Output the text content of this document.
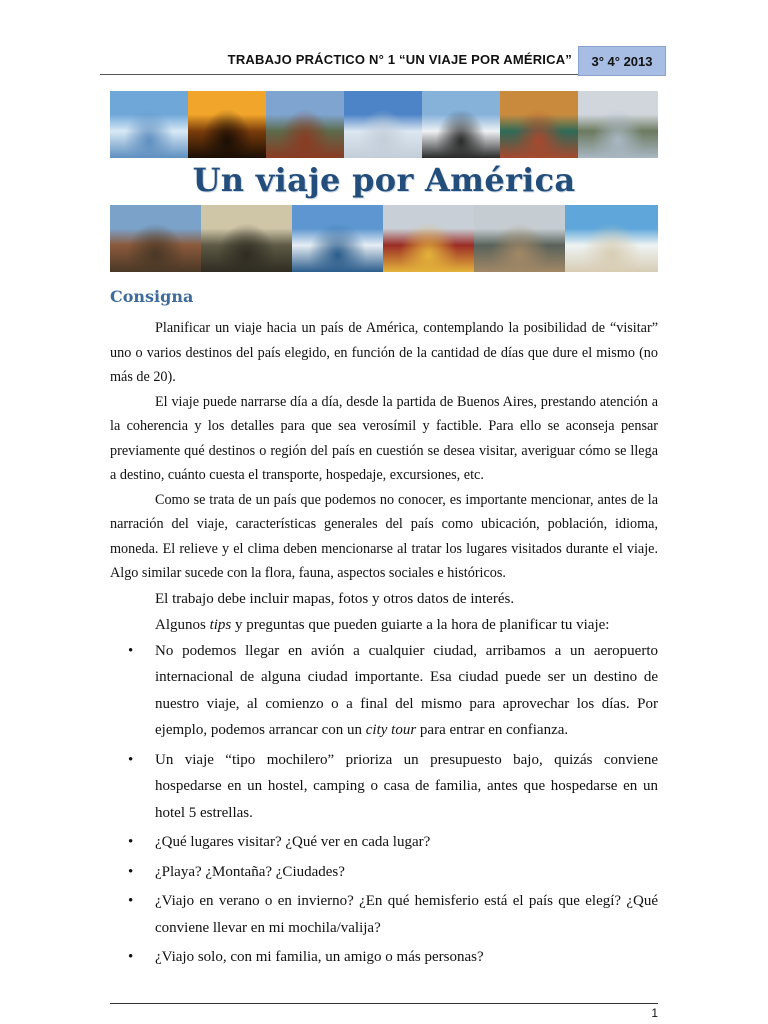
TRABAJO PRÁCTICO N° 1 “UN VIAJE POR AMÉRICA”	3° 4° 2013
Un viaje por América
Consigna

Planificar un viaje hacia un país de América, contemplando la posibilidad de “visitar” uno o varios destinos del país elegido, en función de la cantidad de días que dure el mismo (no más de 20).

El viaje puede narrarse día a día, desde la partida de Buenos Aires, prestando atención a la coherencia y los detalles para que sea verosímil y factible. Para ello se aconseja pensar previamente qué destinos o región del país en cuestión se desea visitar, averiguar cómo se llega a destino, cuánto cuesta el transporte, hospedaje, excursiones, etc.

Como se trata de un país que podemos no conocer, es importante mencionar, antes de la narración del viaje, características generales del país como ubicación, población, idioma, moneda. El relieve y el clima deben mencionarse al tratar los lugares visitados durante el viaje. Algo similar sucede con la flora, fauna, aspectos sociales e históricos.

El trabajo debe incluir mapas, fotos y otros datos de interés.

Algunos tips y preguntas que pueden guiarte a la hora de planificar tu viaje:

• No podemos llegar en avión a cualquier ciudad, arribamos a un aeropuerto internacional de alguna ciudad importante. Esa ciudad puede ser un destino de nuestro viaje, al comienzo o a final del mismo para aprovechar los días. Por ejemplo, podemos arrancar con un city tour para entrar en confianza.
• Un viaje “tipo mochilero” prioriza un presupuesto bajo, quizás conviene hospedarse en un hostel, camping o casa de familia, antes que hospedarse en un hotel 5 estrellas.
• ¿Qué lugares visitar? ¿Qué ver en cada lugar?
• ¿Playa? ¿Montaña? ¿Ciudades?
• ¿Viajo en verano o en invierno? ¿En qué hemisferio está el país que elegí? ¿Qué conviene llevar en mi mochila/valija?
• ¿Viajo solo, con mi familia, un amigo o más personas?
1
